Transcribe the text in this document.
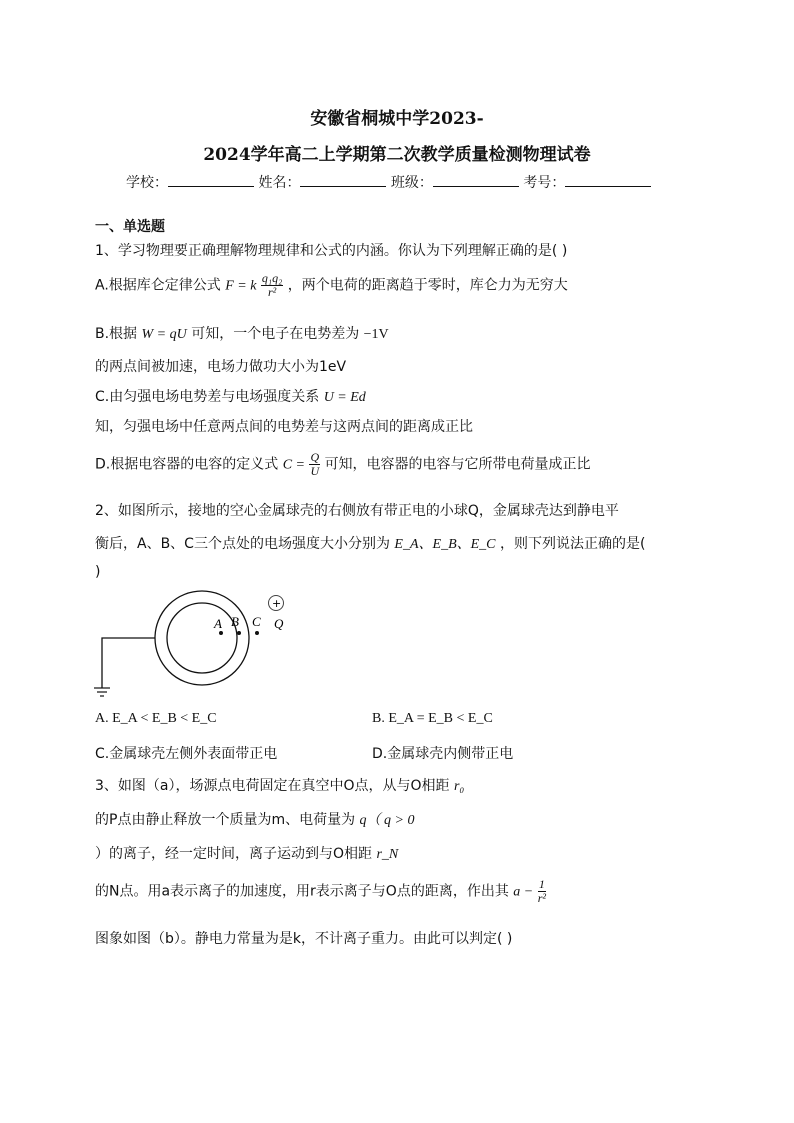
安徽省桐城中学2023-
2024学年高二上学期第二次教学质量检测物理试卷
学校：	姓名：	班级：	考号：
一、单选题
1、学习物理要正确理解物理规律和公式的内涵。你认为下列理解正确的是( )
A.根据库仑定律公式 F = k $\frac{\text{q₁q₂}}{\text{r²}}$ ，两个电荷的距离趋于零时，库仑力为无穷大
B.根据 W = qU 可知，一个电子在电势差为 −1V
的两点间被加速，电场力做功大小为1eV
C.由匀强电场电势差与电场强度关系 U = Ed
知，匀强电场中任意两点间的电势差与这两点间的距离成正比
D.根据电容器的电容的定义式 $C = \frac{Q}{U}$ 可知，电容器的电容与它所带电荷量成正比
2、如图所示，接地的空心金属球壳的右侧放有带正电的小球Q，金属球壳达到静电平
衡后，A、B、C三个点处的电场强度大小分别为 E_A、E_B、E_C ，则下列说法正确的是(
)
A B C
+
Q
A. E_A < E_B < E_C	B. E_A = E_B < E_C
C.金属球壳左侧外表面带正电	D.金属球壳内侧带正电
3、如图（a），场源点电荷固定在真空中O点，从与O相距 r₀
的P点由静止释放一个质量为m、电荷量为 q（ q > 0
）的离子，经一定时间，离子运动到与O相距 r_N
的N点。用a表示离子的加速度，用r表示离子与O点的距离，作出其 $a - \frac{1}{\text{r²}}$
图象如图（b）。静电力常量为是k，不计离子重力。由此可以判定( )
